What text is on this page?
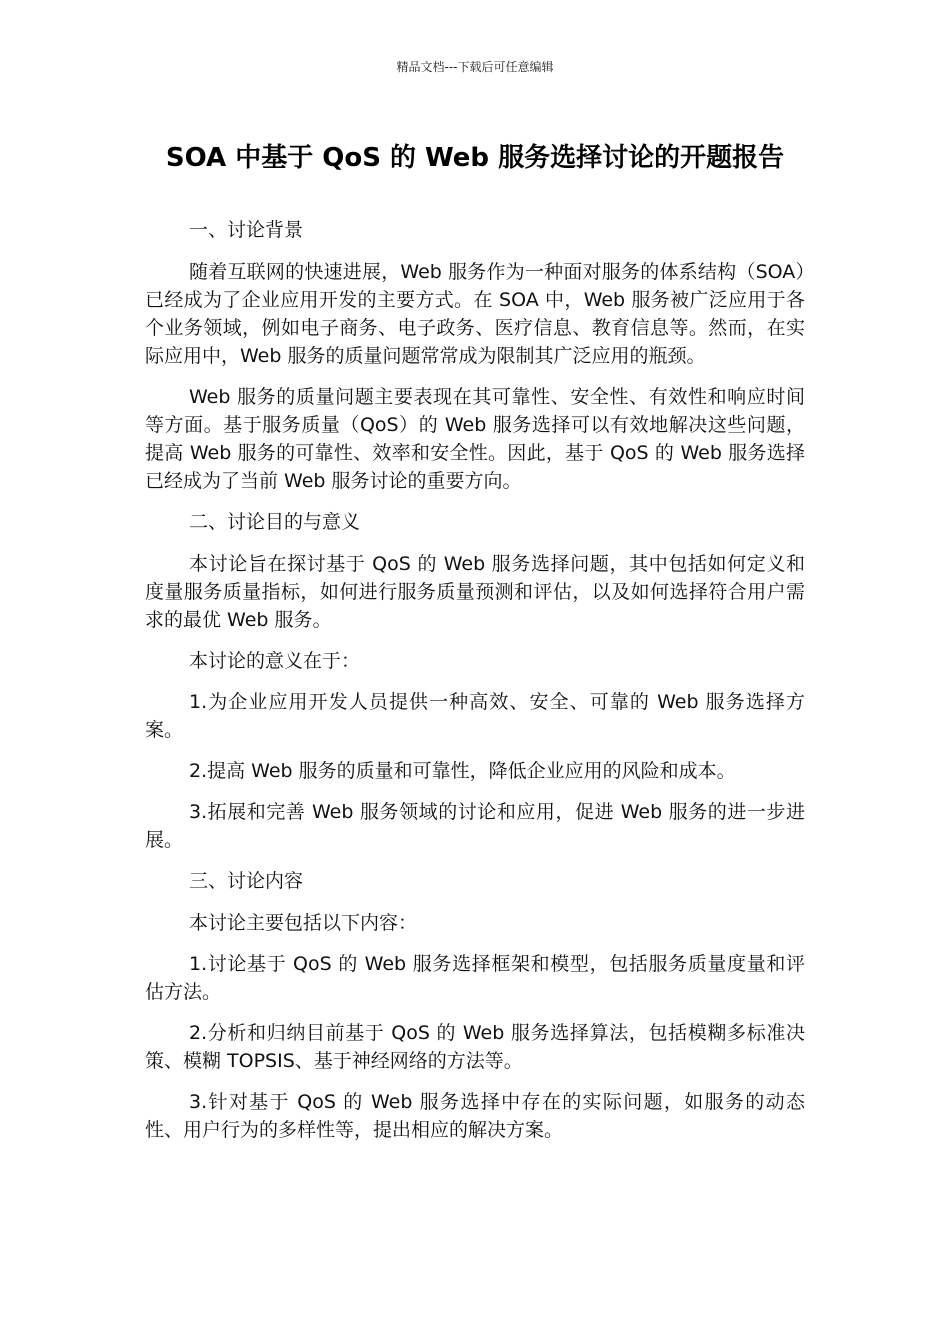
精品文档---下载后可任意编辑
SOA 中基于 QoS 的 Web 服务选择讨论的开题报告

一、讨论背景

随着互联网的快速进展，Web 服务作为一种面对服务的体系结构（SOA）已经成为了企业应用开发的主要方式。在 SOA 中，Web 服务被广泛应用于各个业务领域，例如电子商务、电子政务、医疗信息、教育信息等。然而，在实际应用中，Web 服务的质量问题常常成为限制其广泛应用的瓶颈。

Web 服务的质量问题主要表现在其可靠性、安全性、有效性和响应时间等方面。基于服务质量（QoS）的 Web 服务选择可以有效地解决这些问题，提高 Web 服务的可靠性、效率和安全性。因此，基于 QoS 的 Web 服务选择已经成为了当前 Web 服务讨论的重要方向。

二、讨论目的与意义

本讨论旨在探讨基于 QoS 的 Web 服务选择问题，其中包括如何定义和度量服务质量指标，如何进行服务质量预测和评估，以及如何选择符合用户需求的最优 Web 服务。

本讨论的意义在于：

1.为企业应用开发人员提供一种高效、安全、可靠的 Web 服务选择方案。

2.提高 Web 服务的质量和可靠性，降低企业应用的风险和成本。

3.拓展和完善 Web 服务领域的讨论和应用，促进 Web 服务的进一步进展。

三、讨论内容

本讨论主要包括以下内容：

1.讨论基于 QoS 的 Web 服务选择框架和模型，包括服务质量度量和评估方法。

2.分析和归纳目前基于 QoS 的 Web 服务选择算法，包括模糊多标准决策、模糊 TOPSIS、基于神经网络的方法等。

3.针对基于 QoS 的 Web 服务选择中存在的实际问题，如服务的动态性、用户行为的多样性等，提出相应的解决方案。
